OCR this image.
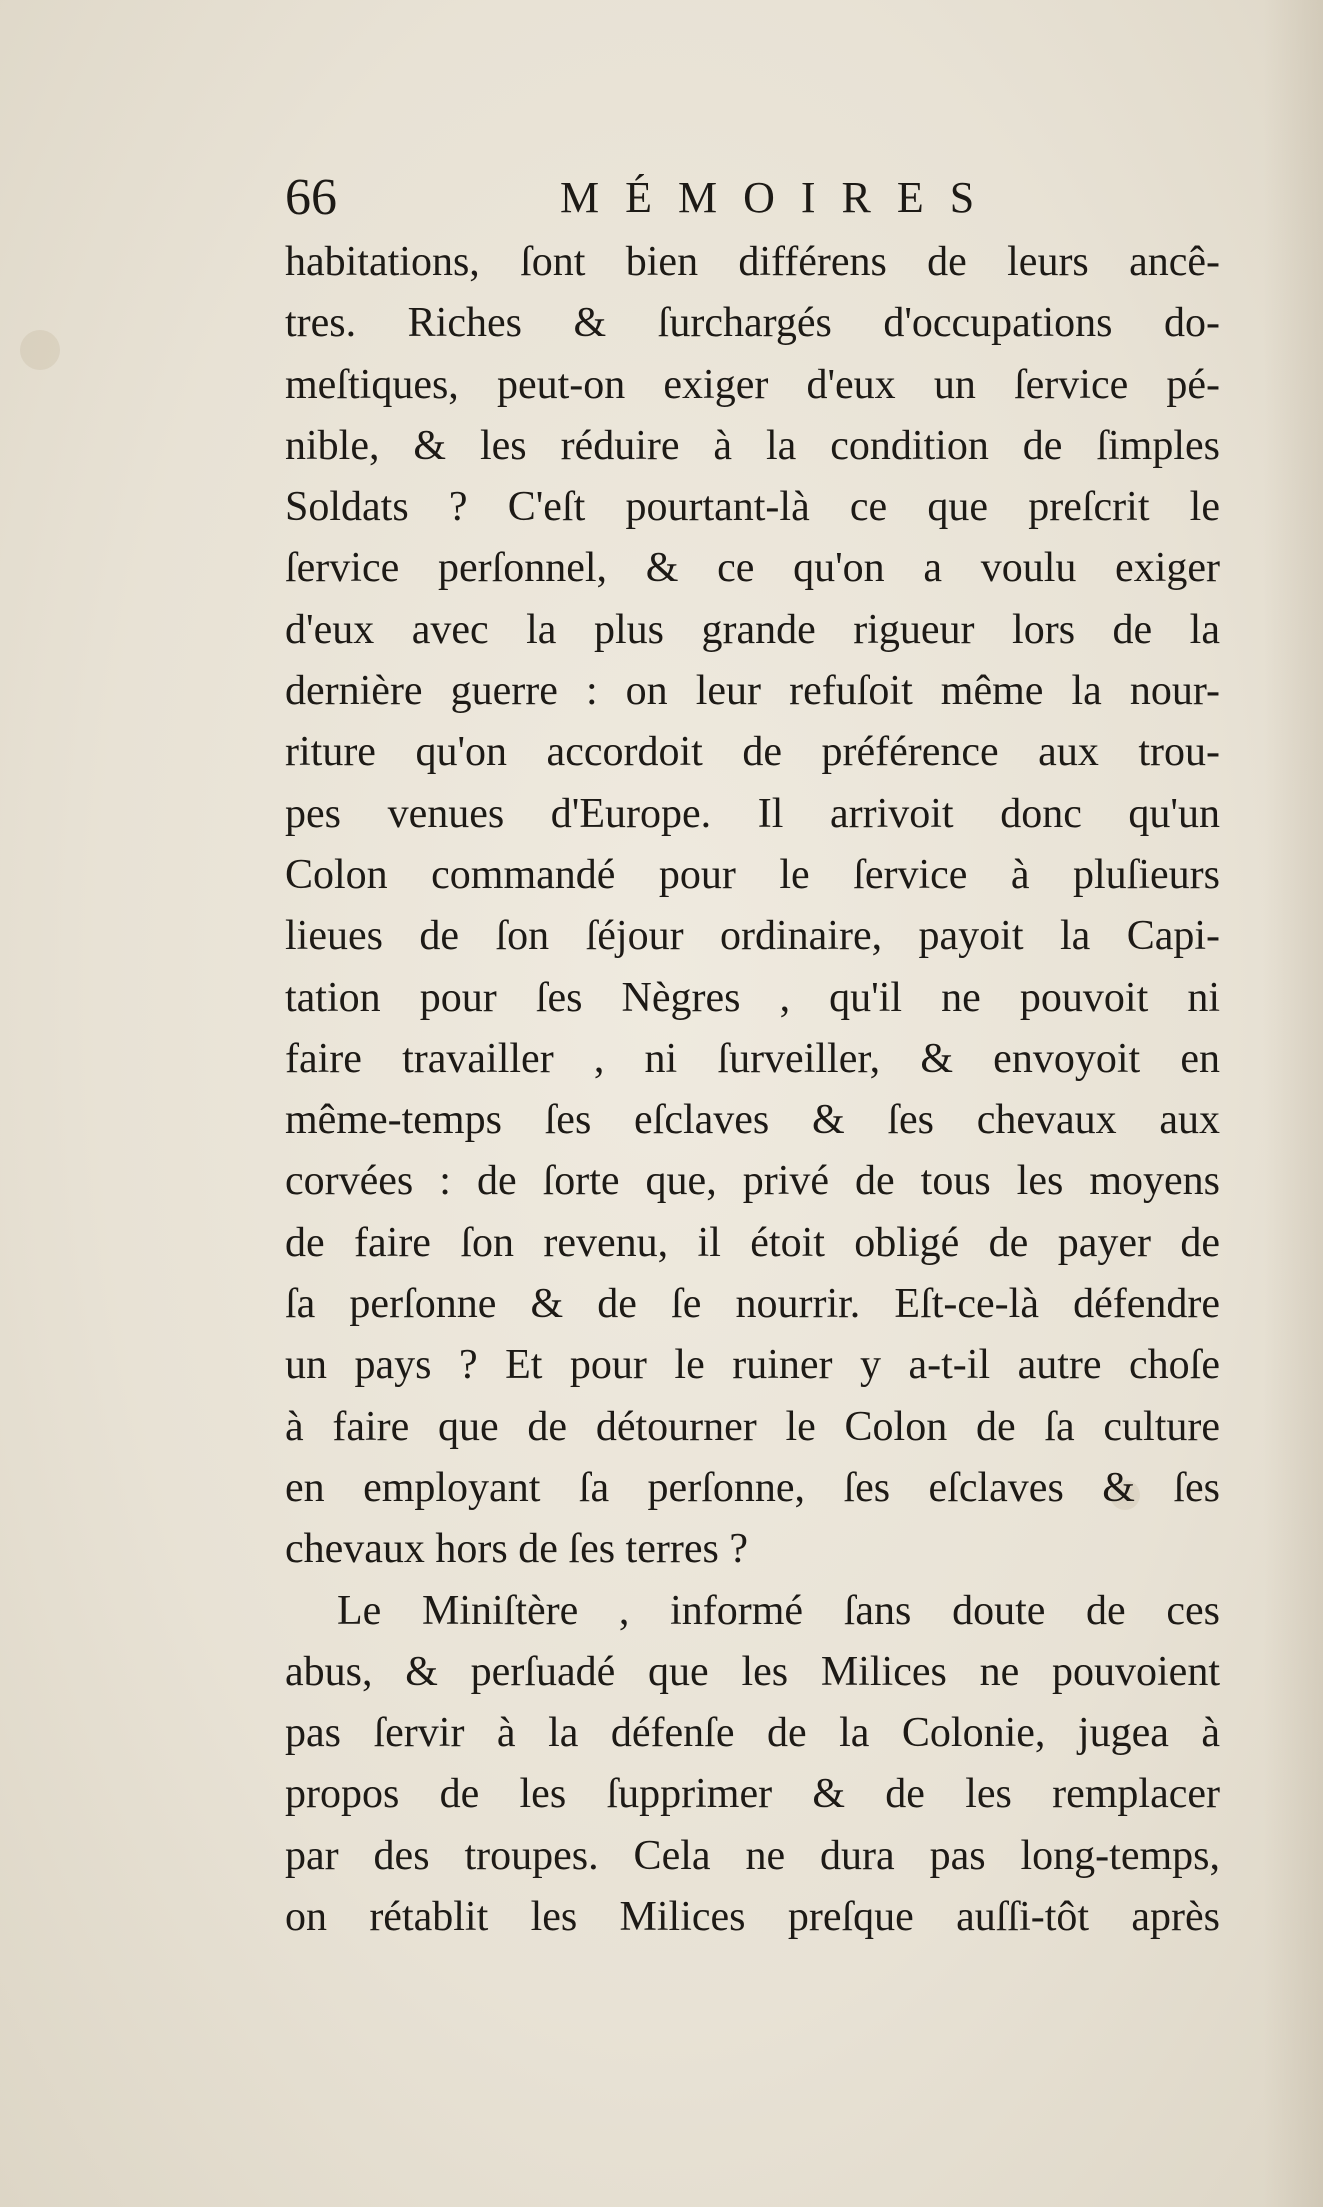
66	MÉMOIRES
habitations, ſont bien différens de leurs ancê-
tres. Riches & ſurchargés d'occupations do-
meſtiques, peut-on exiger d'eux un ſervice pé-
nible, & les réduire à la condition de ſimples
Soldats ? C'eſt pourtant-là ce que preſcrit le
ſervice perſonnel, & ce qu'on a voulu exiger
d'eux avec la plus grande rigueur lors de la
dernière guerre : on leur refuſoit même la nour-
riture qu'on accordoit de préférence aux trou-
pes venues d'Europe. Il arrivoit donc qu'un
Colon commandé pour le ſervice à pluſieurs
lieues de ſon ſéjour ordinaire, payoit la Capi-
tation pour ſes Nègres , qu'il ne pouvoit ni
faire travailler , ni ſurveiller, & envoyoit en
même-temps ſes eſclaves & ſes chevaux aux
corvées : de ſorte que, privé de tous les moyens
de faire ſon revenu, il étoit obligé de payer de
ſa perſonne & de ſe nourrir. Eſt-ce-là défendre
un pays ? Et pour le ruiner y a-t-il autre choſe
à faire que de détourner le Colon de ſa culture
en employant ſa perſonne, ſes eſclaves & ſes
chevaux hors de ſes terres ?
Le Miniſtère , informé ſans doute de ces
abus, & perſuadé que les Milices ne pouvoient
pas ſervir à la défenſe de la Colonie, jugea à
propos de les ſupprimer & de les remplacer
par des troupes. Cela ne dura pas long-temps,
on rétablit les Milices preſque auſſi-tôt après
